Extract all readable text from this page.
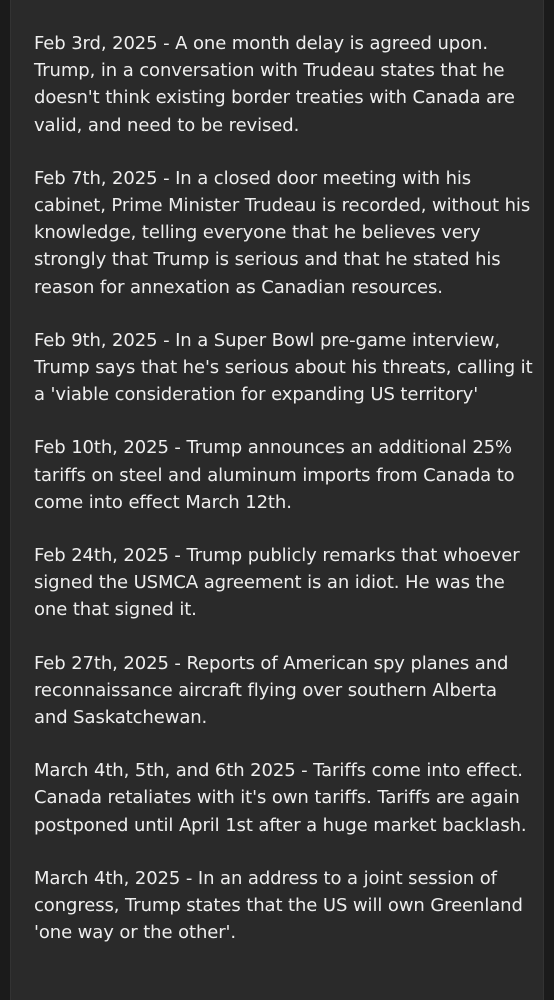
Feb 3rd, 2025 - A one month delay is agreed upon. Trump, in a conversation with Trudeau states that he doesn't think existing border treaties with Canada are valid, and need to be revised.

Feb 7th, 2025 - In a closed door meeting with his cabinet, Prime Minister Trudeau is recorded, without his knowledge, telling everyone that he believes very strongly that Trump is serious and that he stated his reason for annexation as Canadian resources.

Feb 9th, 2025 - In a Super Bowl pre-game interview, Trump says that he's serious about his threats, calling it a 'viable consideration for expanding US territory'

Feb 10th, 2025 - Trump announces an additional 25% tariffs on steel and aluminum imports from Canada to come into effect March 12th.

Feb 24th, 2025 - Trump publicly remarks that whoever signed the USMCA agreement is an idiot. He was the one that signed it.

Feb 27th, 2025 - Reports of American spy planes and reconnaissance aircraft flying over southern Alberta and Saskatchewan.

March 4th, 5th, and 6th 2025 - Tariffs come into effect. Canada retaliates with it's own tariffs. Tariffs are again postponed until April 1st after a huge market backlash.

March 4th, 2025 - In an address to a joint session of congress, Trump states that the US will own Greenland 'one way or the other'.
